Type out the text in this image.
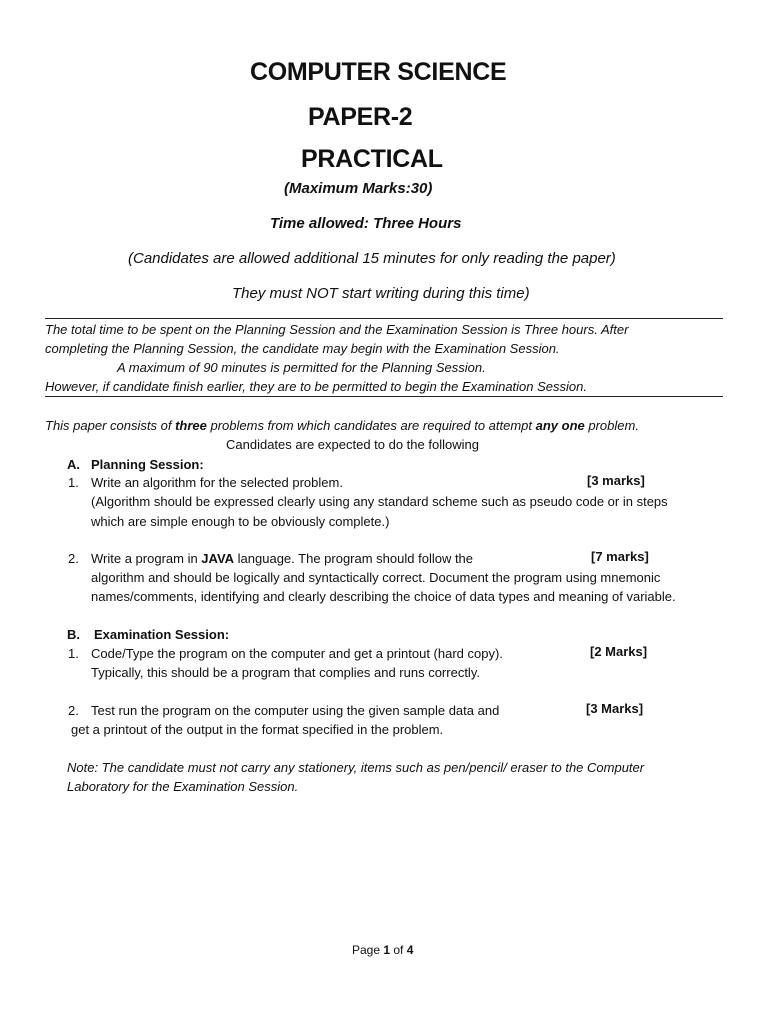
COMPUTER SCIENCE
PAPER-2
PRACTICAL
(Maximum Marks:30)
Time allowed: Three Hours
(Candidates are allowed additional 15 minutes for only reading the paper)
They must NOT start writing during this time)
The total time to be spent on the Planning Session and the Examination Session is Three hours. After
completing the Planning Session, the candidate may begin with the Examination Session.
A maximum of 90 minutes is permitted for the Planning Session.
However, if candidate finish earlier, they are to be permitted to begin the Examination Session.
This paper consists of three problems from which candidates are required to attempt any one problem.
Candidates are expected to do the following
A. Planning Session:
1. Write an algorithm for the selected problem.	[3 marks]
(Algorithm should be expressed clearly using any standard scheme such as pseudo code or in steps
which are simple enough to be obviously complete.)
2. Write a program in JAVA language. The program should follow the	[7 marks]
algorithm and should be logically and syntactically correct. Document the program using mnemonic
names/comments, identifying and clearly describing the choice of data types and meaning of variable.
B. Examination Session:
1. Code/Type the program on the computer and get a printout (hard copy).	[2 Marks]
Typically, this should be a program that complies and runs correctly.
2. Test run the program on the computer using the given sample data and	[3 Marks]
get a printout of the output in the format specified in the problem.
Note: The candidate must not carry any stationery, items such as pen/pencil/ eraser to the Computer
Laboratory for the Examination Session.
Page 1 of 4
